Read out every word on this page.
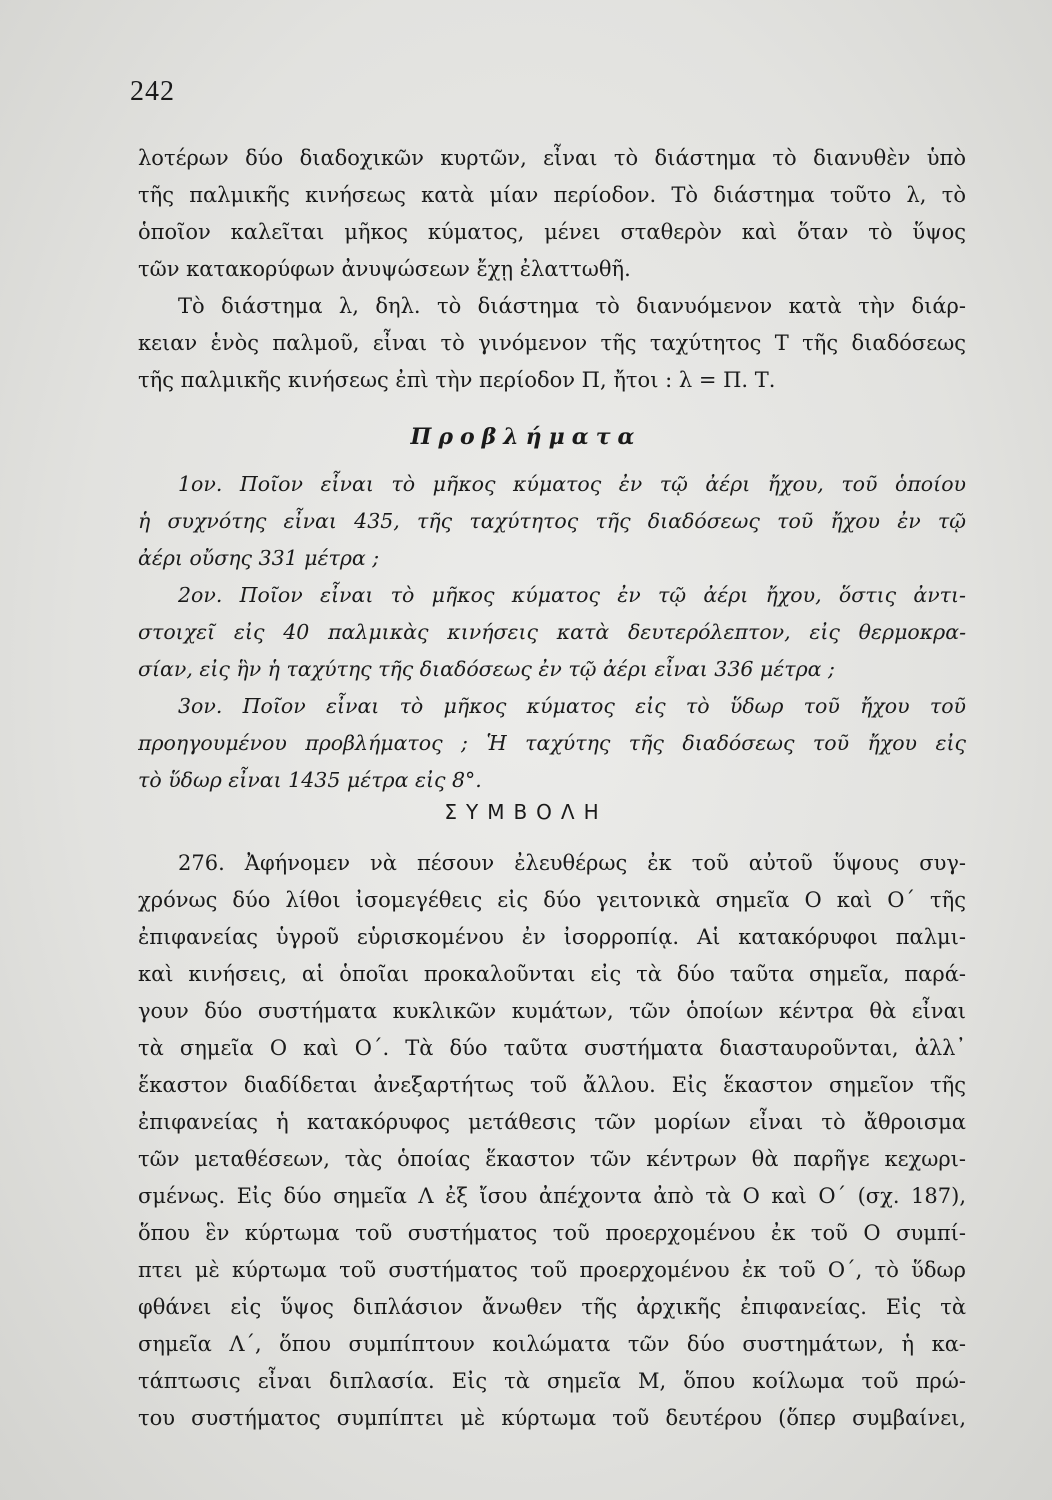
242
λοτέρων δύο διαδοχικῶν κυρτῶν, εἶναι τὸ διάστημα τὸ διανυθὲν ὑπὸ
τῆς παλμικῆς κινήσεως κατὰ μίαν περίοδον. Τὸ διάστημα τοῦτο λ, τὸ
ὁποῖον καλεῖται μῆκος κύματος, μένει σταθερὸν καὶ ὅταν τὸ ὕψος
τῶν κατακορύφων ἀνυψώσεων ἔχῃ ἐλαττωθῆ.
Τὸ διάστημα λ, δηλ. τὸ διάστημα τὸ διανυόμενον κατὰ τὴν διάρ-
κειαν ἑνὸς παλμοῦ, εἶναι τὸ γινόμενον τῆς ταχύτητος Τ τῆς διαδόσεως
τῆς παλμικῆς κινήσεως ἐπὶ τὴν περίοδον Π, ἤτοι : λ = Π. Τ.
Προβλήματα
1ον. Ποῖον εἶναι τὸ μῆκος κύματος ἐν τῷ ἀέρι ἤχου, τοῦ ὁποίου
ἡ συχνότης εἶναι 435, τῆς ταχύτητος τῆς διαδόσεως τοῦ ἤχου ἐν τῷ
ἀέρι οὔσης 331 μέτρα ;
2ον. Ποῖον εἶναι τὸ μῆκος κύματος ἐν τῷ ἀέρι ἤχου, ὅστις ἀντι-
στοιχεῖ εἰς 40 παλμικὰς κινήσεις κατὰ δευτερόλεπτον, εἰς θερμοκρα-
σίαν, εἰς ἣν ἡ ταχύτης τῆς διαδόσεως ἐν τῷ ἀέρι εἶναι 336 μέτρα ;
3ον. Ποῖον εἶναι τὸ μῆκος κύματος εἰς τὸ ὕδωρ τοῦ ἤχου τοῦ
προηγουμένου προβλήματος ; Ἡ ταχύτης τῆς διαδόσεως τοῦ ἤχου εἰς
τὸ ὕδωρ εἶναι 1435 μέτρα εἰς 8°.
ΣΥΜΒΟΛΗ
276. Ἀφήνομεν νὰ πέσουν ἐλευθέρως ἐκ τοῦ αὐτοῦ ὕψους συγ-
χρόνως δύο λίθοι ἰσομεγέθεις εἰς δύο γειτονικὰ σημεῖα Ο καὶ Ο΄ τῆς
ἐπιφανείας ὑγροῦ εὑρισκομένου ἐν ἰσορροπίᾳ. Αἱ κατακόρυφοι παλμι-
καὶ κινήσεις, αἱ ὁποῖαι προκαλοῦνται εἰς τὰ δύο ταῦτα σημεῖα, παρά-
γουν δύο συστήματα κυκλικῶν κυμάτων, τῶν ὁποίων κέντρα θὰ εἶναι
τὰ σημεῖα Ο καὶ Ο΄. Τὰ δύο ταῦτα συστήματα διασταυροῦνται, ἀλλ᾽
ἕκαστον διαδίδεται ἀνεξαρτήτως τοῦ ἄλλου. Εἰς ἕκαστον σημεῖον τῆς
ἐπιφανείας ἡ κατακόρυφος μετάθεσις τῶν μορίων εἶναι τὸ ἄθροισμα
τῶν μεταθέσεων, τὰς ὁποίας ἕκαστον τῶν κέντρων θὰ παρῆγε κεχωρι-
σμένως. Εἰς δύο σημεῖα Λ ἐξ ἴσου ἀπέχοντα ἀπὸ τὰ Ο καὶ Ο΄ (σχ. 187),
ὅπου ἓν κύρτωμα τοῦ συστήματος τοῦ προερχομένου ἐκ τοῦ Ο συμπί-
πτει μὲ κύρτωμα τοῦ συστήματος τοῦ προερχομένου ἐκ τοῦ Ο΄, τὸ ὕδωρ
φθάνει εἰς ὕψος διπλάσιον ἄνωθεν τῆς ἀρχικῆς ἐπιφανείας. Εἰς τὰ
σημεῖα Λ΄, ὅπου συμπίπτουν κοιλώματα τῶν δύο συστημάτων, ἡ κα-
τάπτωσις εἶναι διπλασία. Εἰς τὰ σημεῖα Μ, ὅπου κοίλωμα τοῦ πρώ-
του συστήματος συμπίπτει μὲ κύρτωμα τοῦ δευτέρου (ὅπερ συμβαίνει,
